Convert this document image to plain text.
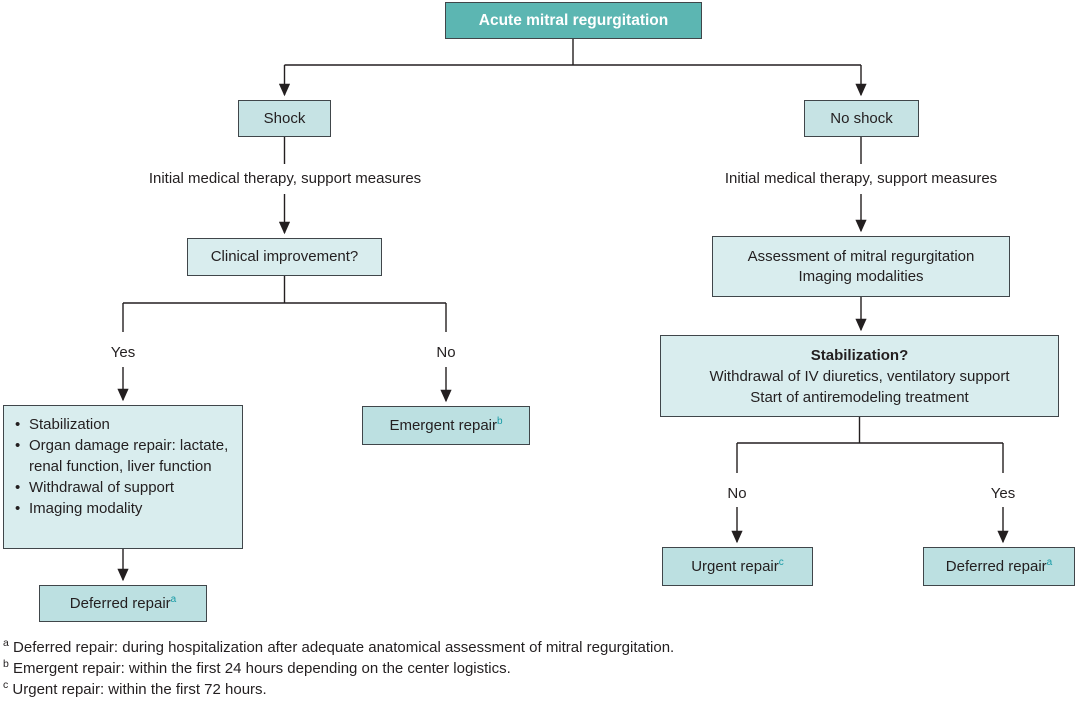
Acute mitral regurgitation
Shock
Initial medical therapy, support measures
Clinical improvement?
Yes	No
• Stabilization
• Organ damage repair: lactate, renal function, liver function
• Withdrawal of support
• Imaging modality
Deferred repair$^a$
Emergent repair$^b$
No shock
Initial medical therapy, support measures
Assessment of mitral regurgitation
Imaging modalities
Stabilization?
Withdrawal of IV diuretics, ventilatory support
Start of antiremodeling treatment
No	Yes
Urgent repair$^c$	Deferred repair$^a$
$^a$ Deferred repair: during hospitalization after adequate anatomical assessment of mitral regurgitation.
$^b$ Emergent repair: within the first 24 hours depending on the center logistics.
$^c$ Urgent repair: within the first 72 hours.
